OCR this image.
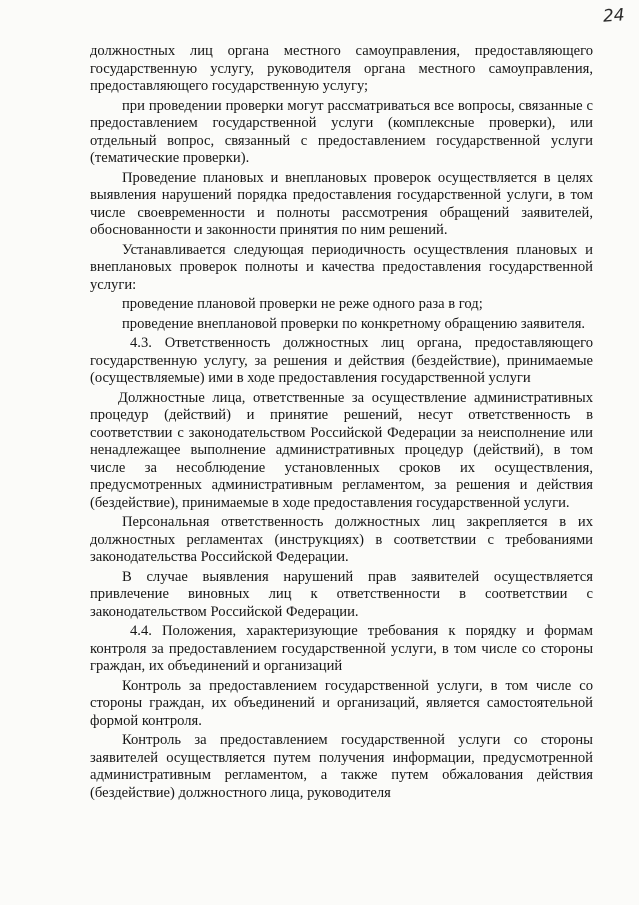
24

должностных лиц органа местного самоуправления, предоставляющего государственную услугу, руководителя органа местного самоуправления, предоставляющего государственную услугу;

при проведении проверки могут рассматриваться все вопросы, связанные с предоставлением государственной услуги (комплексные проверки), или отдельный вопрос, связанный с предоставлением государственной услуги (тематические проверки).

Проведение плановых и внеплановых проверок осуществляется в целях выявления нарушений порядка предоставления государственной услуги, в том числе своевременности и полноты рассмотрения обращений заявителей, обоснованности и законности принятия по ним решений.

Устанавливается следующая периодичность осуществления плановых и внеплановых проверок полноты и качества предоставления государственной услуги:

проведение плановой проверки не реже одного раза в год;

проведение внеплановой проверки по конкретному обращению заявителя.

4.3. Ответственность должностных лиц органа, предоставляющего государственную услугу, за решения и действия (бездействие), принимаемые (осуществляемые) ими в ходе предоставления государственной услуги

Должностные лица, ответственные за осуществление административных процедур (действий) и принятие решений, несут ответственность в соответствии с законодательством Российской Федерации за неисполнение или ненадлежащее выполнение административных процедур (действий), в том числе за несоблюдение установленных сроков их осуществления, предусмотренных административным регламентом, за решения и действия (бездействие), принимаемые в ходе предоставления государственной услуги.

Персональная ответственность должностных лиц закрепляется в их должностных регламентах (инструкциях) в соответствии с требованиями законодательства Российской Федерации.

В случае выявления нарушений прав заявителей осуществляется привлечение виновных лиц к ответственности в соответствии с законодательством Российской Федерации.

4.4. Положения, характеризующие требования к порядку и формам контроля за предоставлением государственной услуги, в том числе со стороны граждан, их объединений и организаций

Контроль за предоставлением государственной услуги, в том числе со стороны граждан, их объединений и организаций, является самостоятельной формой контроля.

Контроль за предоставлением государственной услуги со стороны заявителей осуществляется путем получения информации, предусмотренной административным регламентом, а также путем обжалования действия (бездействие) должностного лица, руководителя
